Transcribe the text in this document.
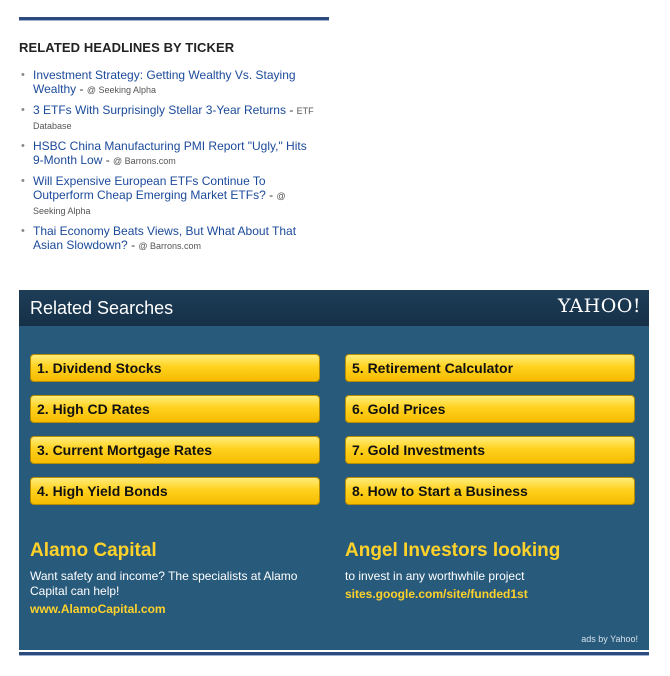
RELATED HEADLINES BY TICKER
• Investment Strategy: Getting Wealthy Vs. Staying Wealthy - @ Seeking Alpha
• 3 ETFs With Surprisingly Stellar 3-Year Returns - ETF Database
• HSBC China Manufacturing PMI Report "Ugly," Hits 9-Month Low - @ Barrons.com
• Will Expensive European ETFs Continue To Outperform Cheap Emerging Market ETFs? - @ Seeking Alpha
• Thai Economy Beats Views, But What About That Asian Slowdown? - @ Barrons.com
Related Searches	YAHOO!
1. Dividend Stocks
2. High CD Rates
3. Current Mortgage Rates
4. High Yield Bonds
5. Retirement Calculator
6. Gold Prices
7. Gold Investments
8. How to Start a Business
Alamo Capital
Want safety and income? The specialists at Alamo Capital can help!
www.AlamoCapital.com
Angel Investors looking
to invest in any worthwhile project
sites.google.com/site/funded1st
ads by Yahoo!
